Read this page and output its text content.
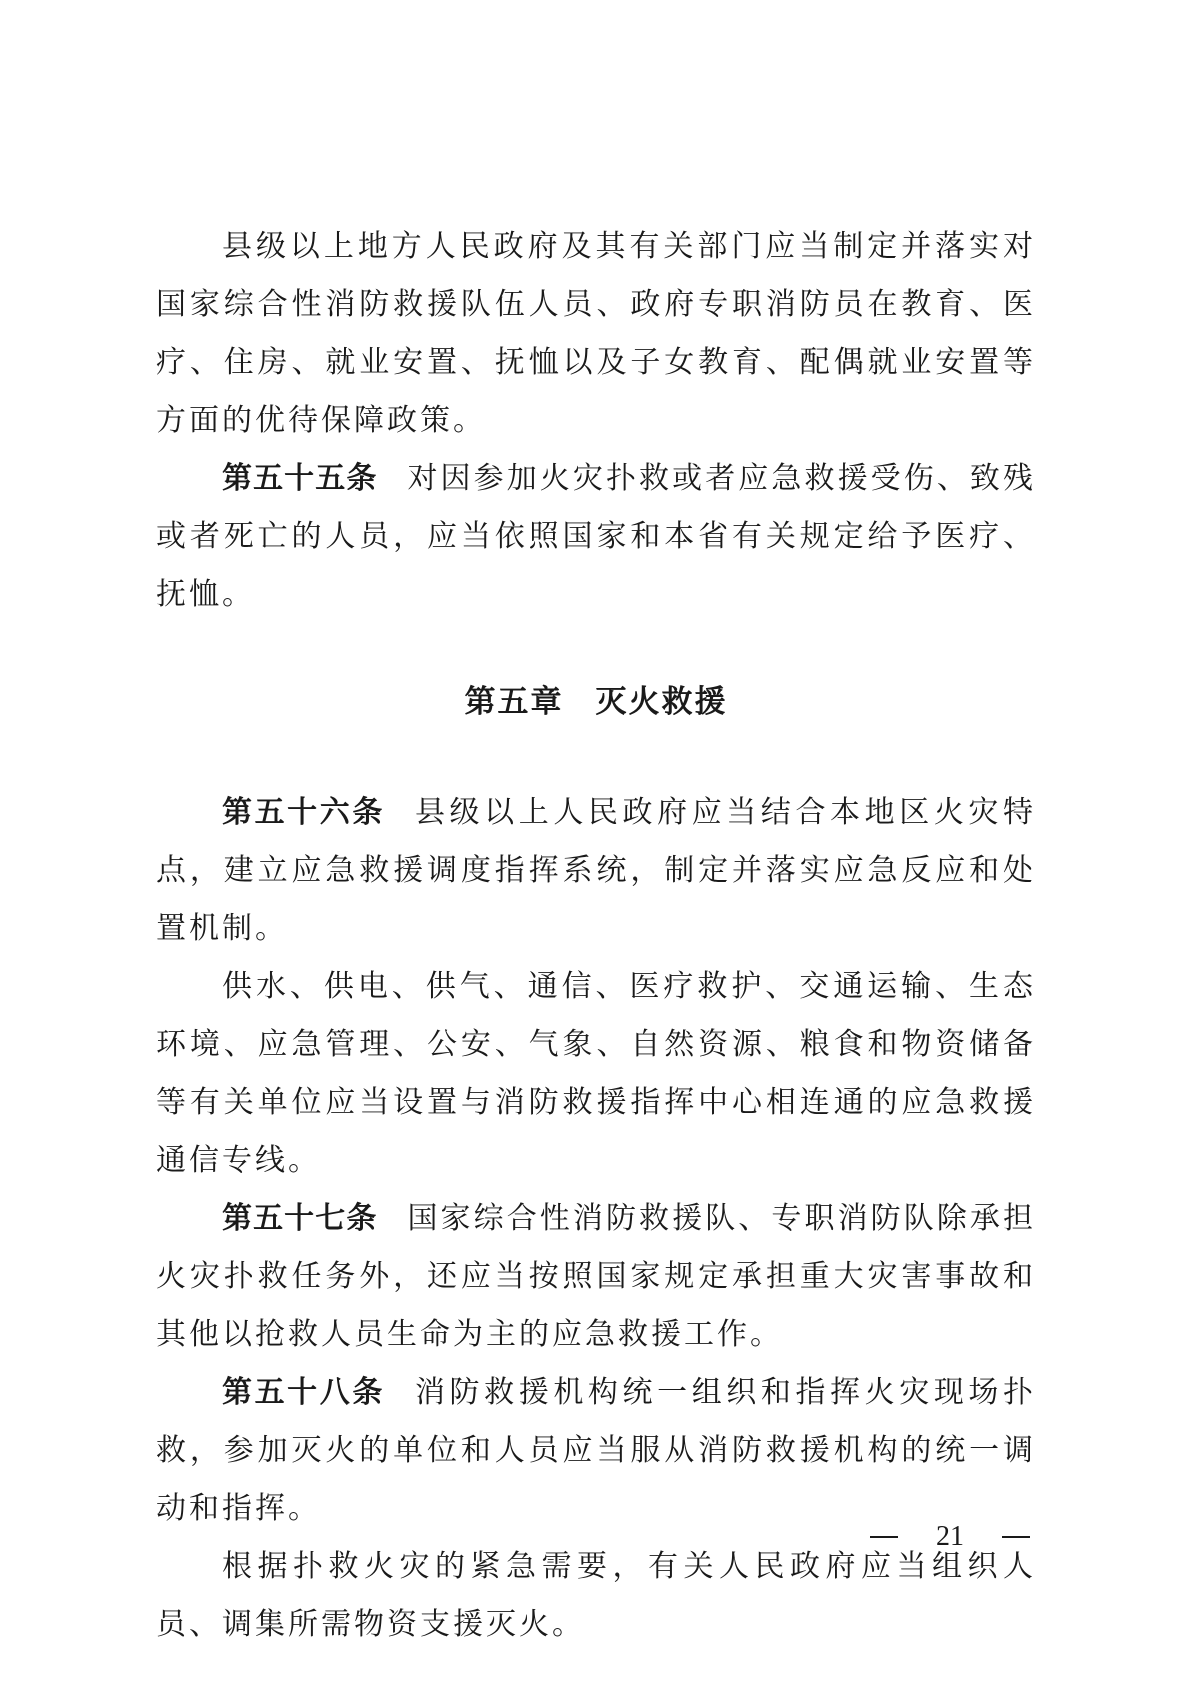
县级以上地方人民政府及其有关部门应当制定并落实对国家综合性消防救援队伍人员、政府专职消防员在教育、医疗、住房、就业安置、抚恤以及子女教育、配偶就业安置等方面的优待保障政策。

第五十五条 对因参加火灾扑救或者应急救援受伤、致残或者死亡的人员，应当依照国家和本省有关规定给予医疗、抚恤。

第五章 灭火救援

第五十六条 县级以上人民政府应当结合本地区火灾特点，建立应急救援调度指挥系统，制定并落实应急反应和处置机制。

供水、供电、供气、通信、医疗救护、交通运输、生态环境、应急管理、公安、气象、自然资源、粮食和物资储备等有关单位应当设置与消防救援指挥中心相连通的应急救援通信专线。

第五十七条 国家综合性消防救援队、专职消防队除承担火灾扑救任务外，还应当按照国家规定承担重大灾害事故和其他以抢救人员生命为主的应急救援工作。

第五十八条 消防救援机构统一组织和指挥火灾现场扑救，参加灭火的单位和人员应当服从消防救援机构的统一调动和指挥。

根据扑救火灾的紧急需要，有关人民政府应当组织人员、调集所需物资支援灭火。

21
